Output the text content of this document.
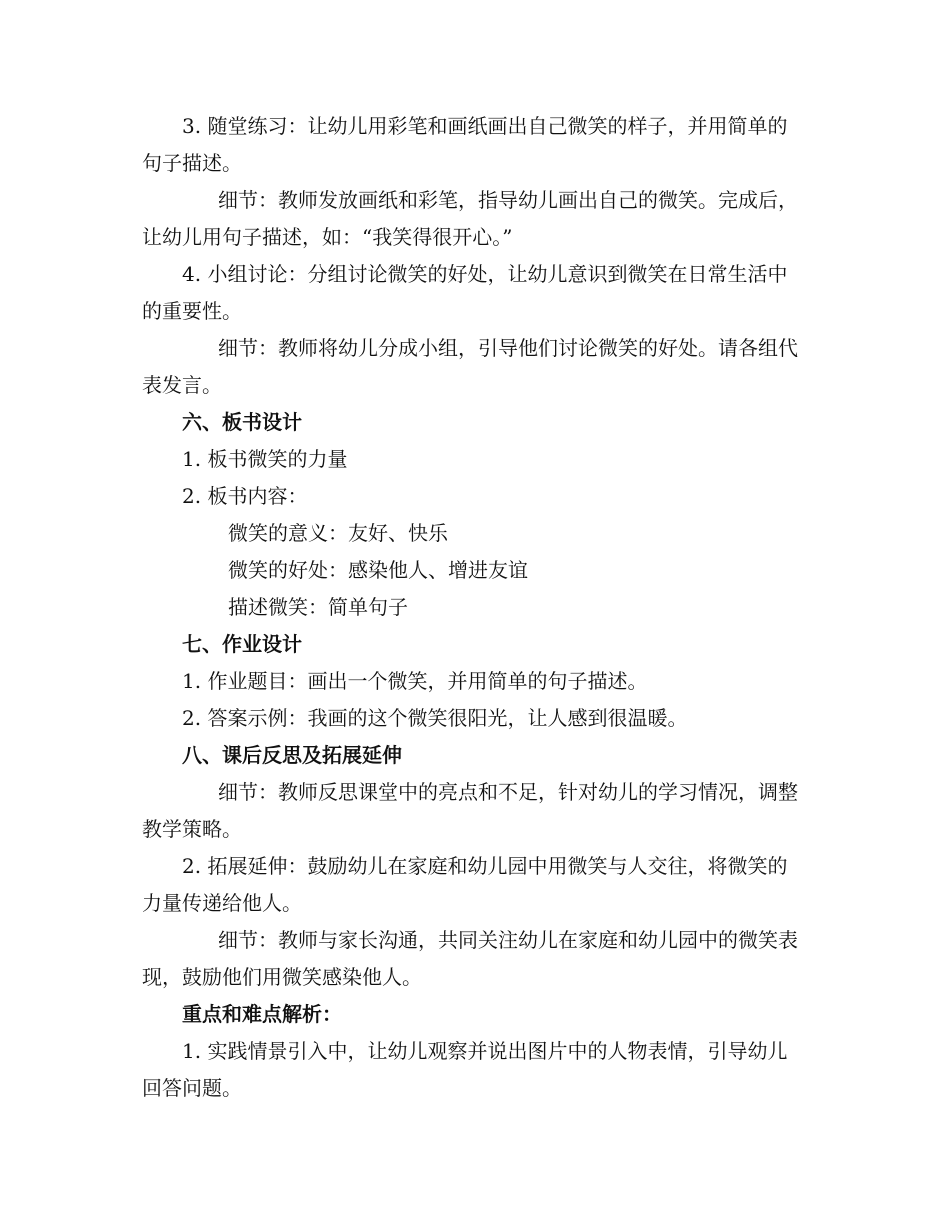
3. 随堂练习：让幼儿用彩笔和画纸画出自己微笑的样子，并用简单的句子描述。

细节：教师发放画纸和彩笔，指导幼儿画出自己的微笑。完成后，让幼儿用句子描述，如：“我笑得很开心。”

4. 小组讨论：分组讨论微笑的好处，让幼儿意识到微笑在日常生活中的重要性。

细节：教师将幼儿分成小组，引导他们讨论微笑的好处。请各组代表发言。

六、板书设计

1. 板书微笑的力量

2. 板书内容：

微笑的意义：友好、快乐

微笑的好处：感染他人、增进友谊

描述微笑：简单句子

七、作业设计

1. 作业题目：画出一个微笑，并用简单的句子描述。

2. 答案示例：我画的这个微笑很阳光，让人感到很温暖。

八、课后反思及拓展延伸

细节：教师反思课堂中的亮点和不足，针对幼儿的学习情况，调整教学策略。

2. 拓展延伸：鼓励幼儿在家庭和幼儿园中用微笑与人交往，将微笑的力量传递给他人。

细节：教师与家长沟通，共同关注幼儿在家庭和幼儿园中的微笑表现，鼓励他们用微笑感染他人。

重点和难点解析：

1. 实践情景引入中，让幼儿观察并说出图片中的人物表情，引导幼儿回答问题。
